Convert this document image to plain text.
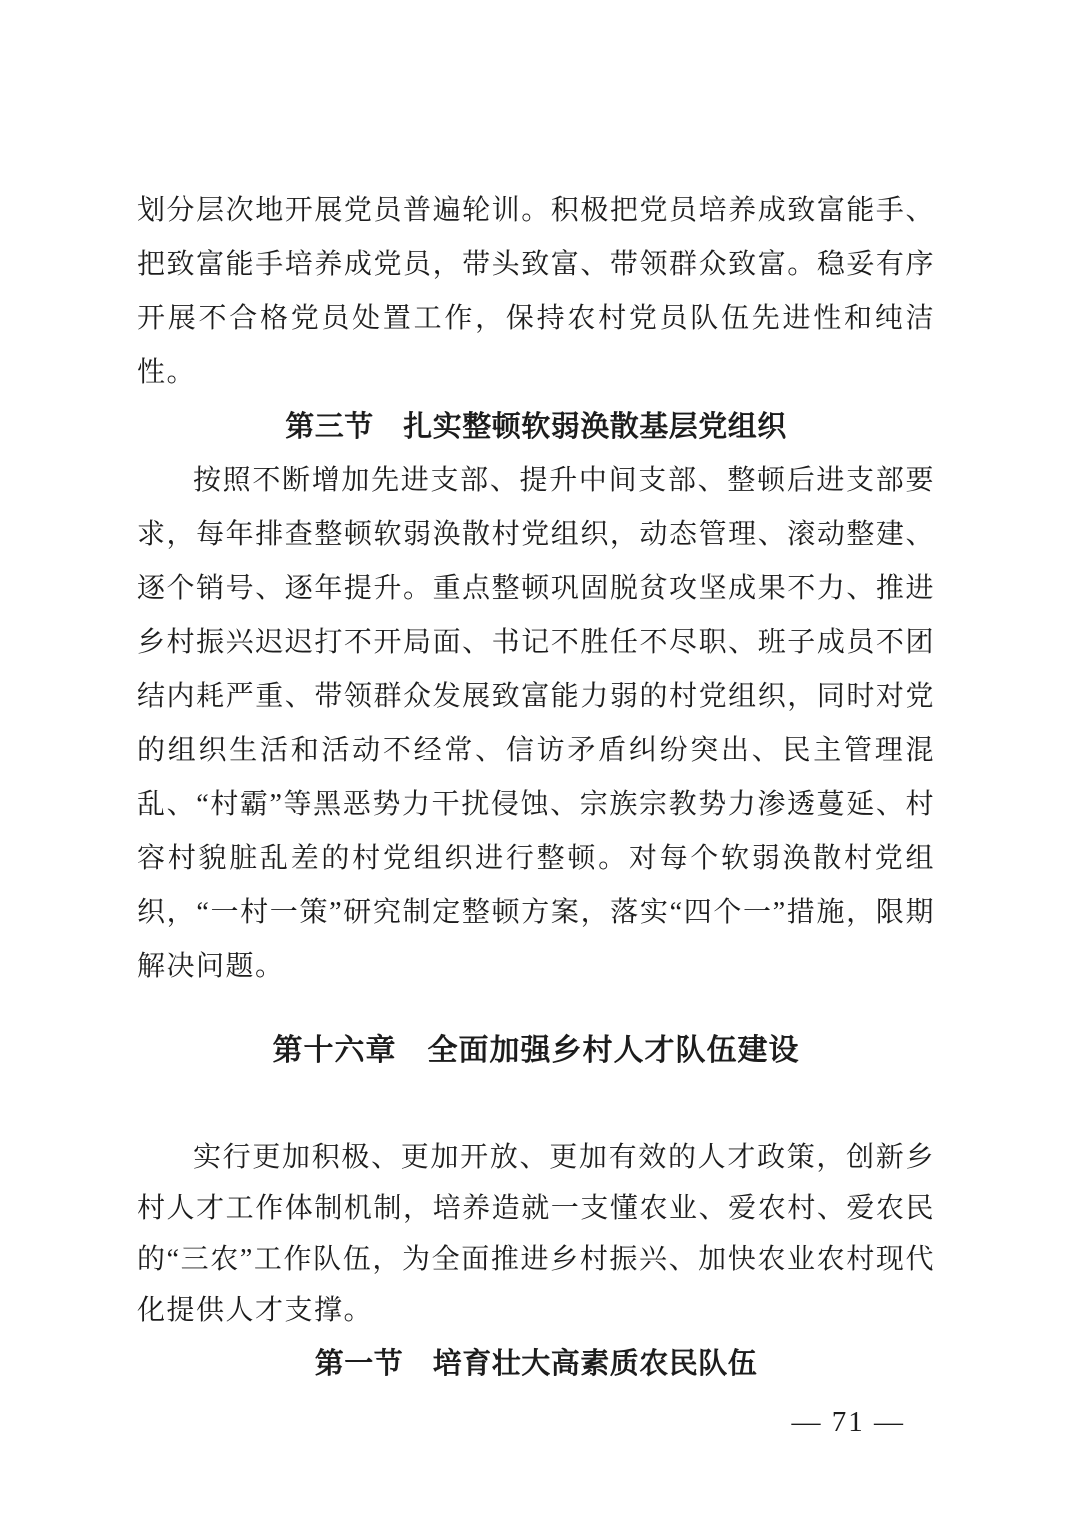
划分层次地开展党员普遍轮训。积极把党员培养成致富能手、把致富能手培养成党员，带头致富、带领群众致富。稳妥有序开展不合格党员处置工作，保持农村党员队伍先进性和纯洁性。

第三节　扎实整顿软弱涣散基层党组织

按照不断增加先进支部、提升中间支部、整顿后进支部要求，每年排查整顿软弱涣散村党组织，动态管理、滚动整建、逐个销号、逐年提升。重点整顿巩固脱贫攻坚成果不力、推进乡村振兴迟迟打不开局面、书记不胜任不尽职、班子成员不团结内耗严重、带领群众发展致富能力弱的村党组织，同时对党的组织生活和活动不经常、信访矛盾纠纷突出、民主管理混乱、“村霸”等黑恶势力干扰侵蚀、宗族宗教势力渗透蔓延、村容村貌脏乱差的村党组织进行整顿。对每个软弱涣散村党组织，“一村一策”研究制定整顿方案，落实“四个一”措施，限期解决问题。

第十六章　全面加强乡村人才队伍建设

实行更加积极、更加开放、更加有效的人才政策，创新乡村人才工作体制机制，培养造就一支懂农业、爱农村、爱农民的“三农”工作队伍，为全面推进乡村振兴、加快农业农村现代化提供人才支撑。

第一节　培育壮大高素质农民队伍
— 71 —
